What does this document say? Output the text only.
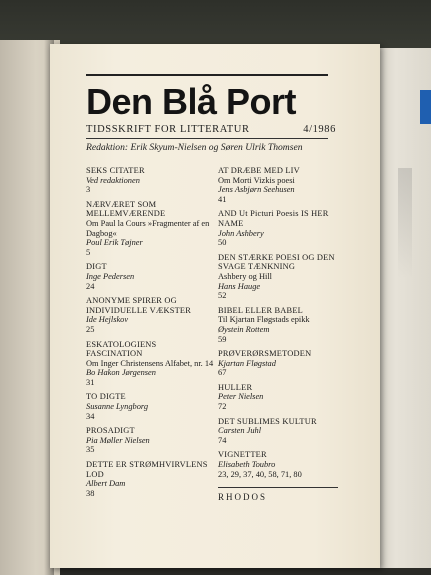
Den Blå Port
TIDSSKRIFT FOR LITTERATUR	4/1986
Redaktion: Erik Skyum-Nielsen og Søren Ulrik Thomsen
SEKS CITATER
Ved redaktionen
3
NÆRVÆRET SOM MELLEMVÆRENDE
Om Paul la Cours »Fragmenter af en Dagbog«
Poul Erik Tøjner
5
DIGT
Inge Pedersen
24
ANONYME SPIRER OG INDIVIDUELLE VÆKSTER
Ide Hejlskov
25
ESKATOLOGIENS FASCINATION
Om Inger Christensens Alfabet, nr. 14
Bo Hakon Jørgensen
31
TO DIGTE
Susanne Lyngborg
34
PROSADIGT
Pia Møller Nielsen
35
DETTE ER STRØMHVIRVLENS LOD
Albert Dam
38
AT DRÆBE MED LIV
Om Morti Vizkis poesi
Jens Asbjørn Seehusen
41
AND Ut Picturi Poesis IS HER NAME
John Ashbery
50
DEN STÆRKE POESI OG DEN SVAGE TÆNKNING
Ashbery og Hill
Hans Hauge
52
BIBEL ELLER BABEL
Til Kjartan Fløgstads epikk
Øystein Rottem
59
PRØVERØRSMETODEN
Kjartan Fløgstad
67
HULLER
Peter Nielsen
72
DET SUBLIMES KULTUR
Carsten Juhl
74
VIGNETTER
Elisabeth Toubro
23, 29, 37, 40, 58, 71, 80
RHODOS
